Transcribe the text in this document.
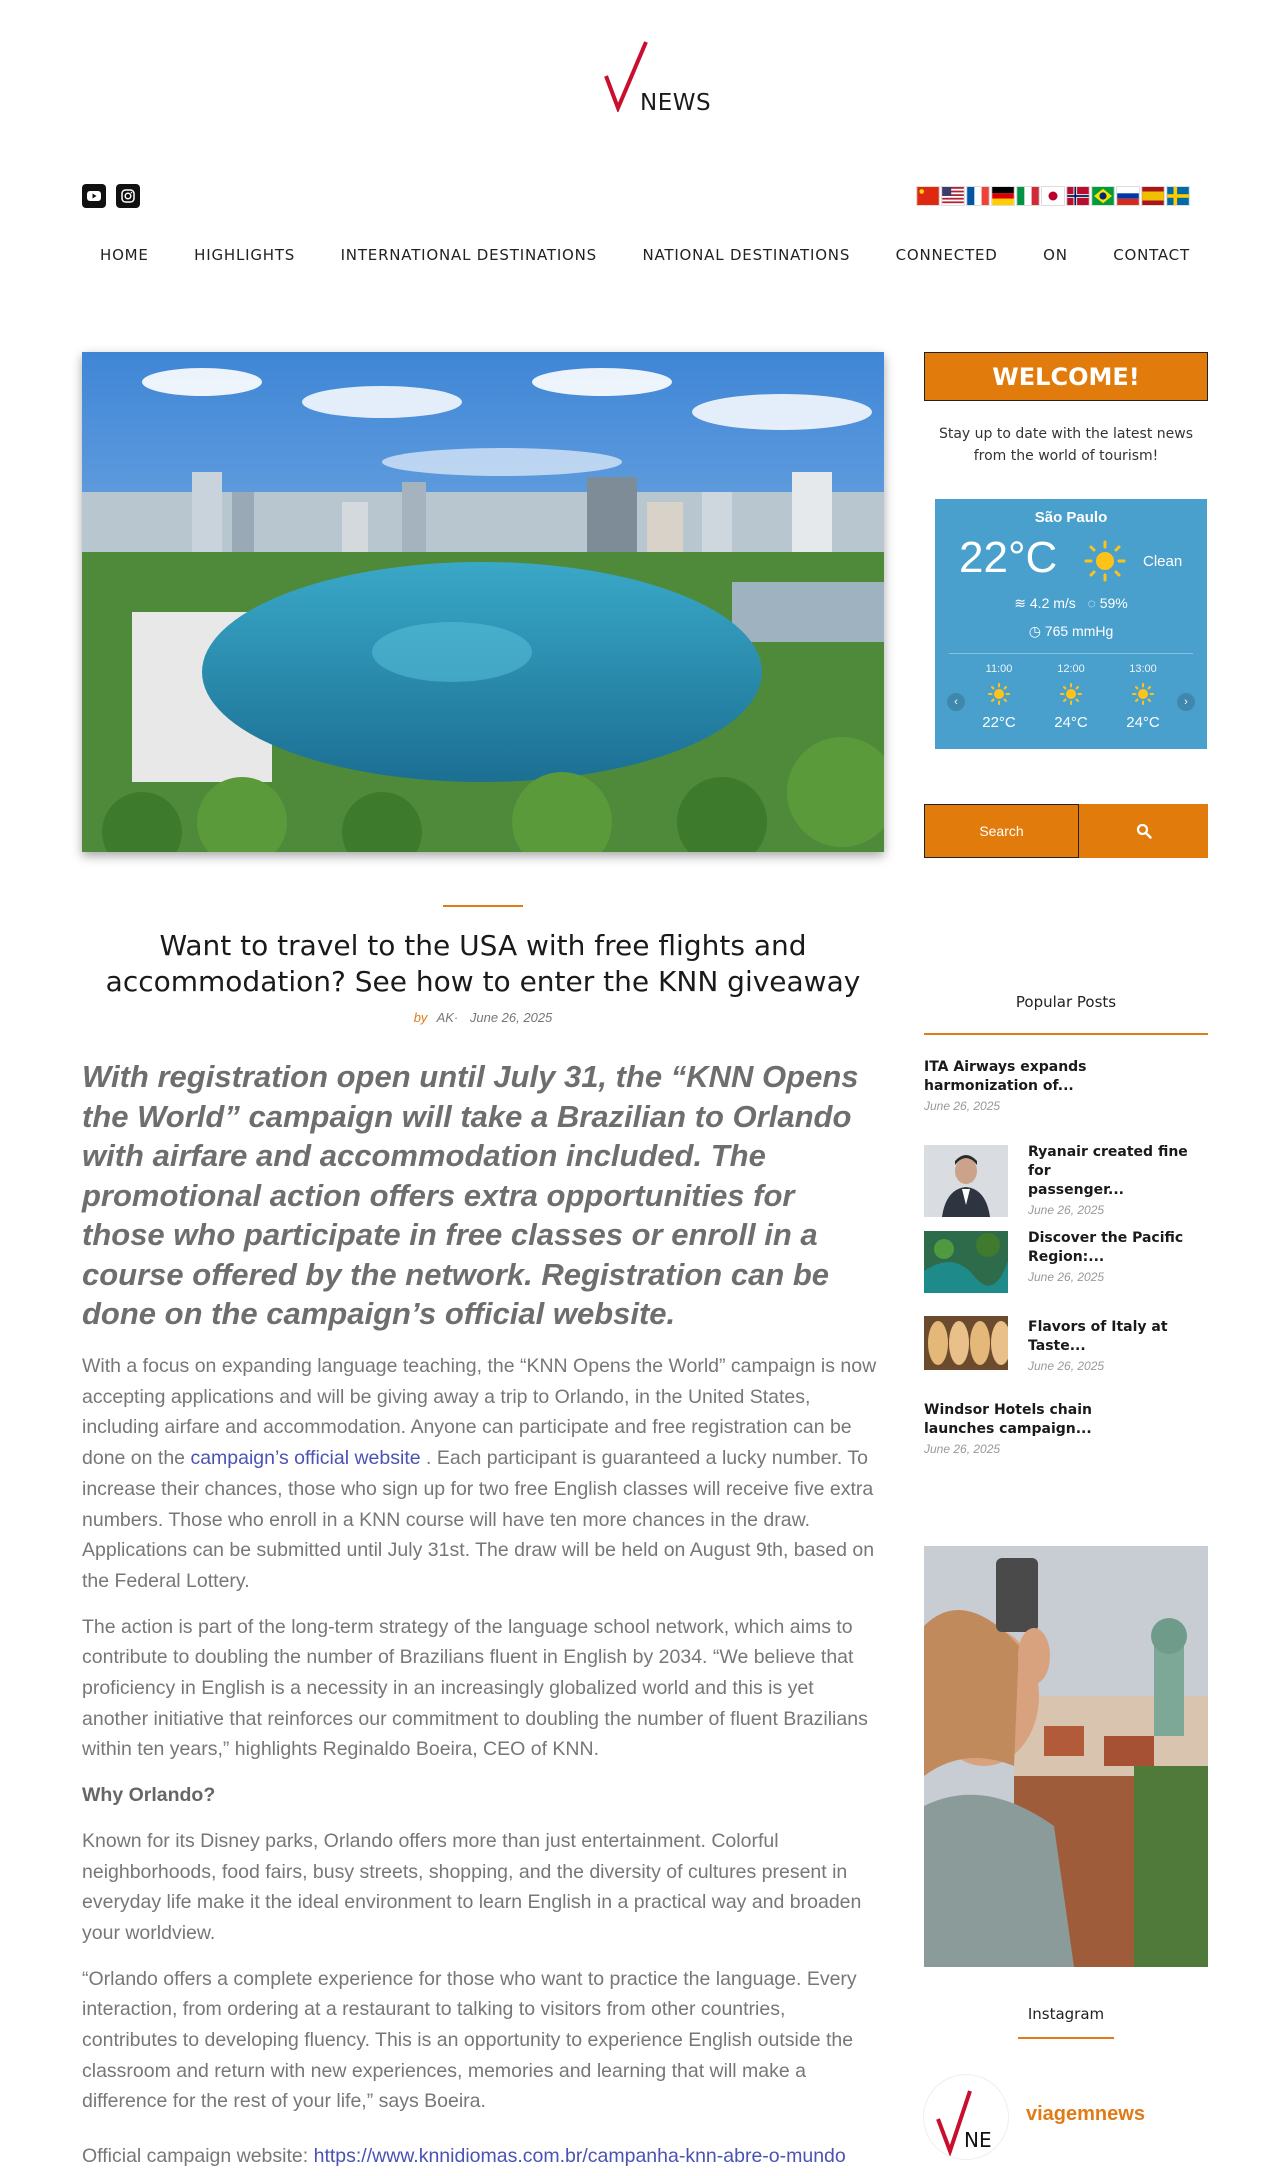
NEWS
HOME	HIGHLIGHTS	INTERNATIONAL DESTINATIONS	NATIONAL DESTINATIONS	CONNECTED	ON	CONTACT
Want to travel to the USA with free flights and accommodation? See how to enter the KNN giveaway
by AK· June 26, 2025

With registration open until July 31, the “KNN Opens the World” campaign will take a Brazilian to Orlando with airfare and accommodation included. The promotional action offers extra opportunities for those who participate in free classes or enroll in a course offered by the network. Registration can be done on the campaign’s official website.

With a focus on expanding language teaching, the “KNN Opens the World” campaign is now accepting applications and will be giving away a trip to Orlando, in the United States, including airfare and accommodation. Anyone can participate and free registration can be done on the campaign’s official website . Each participant is guaranteed a lucky number. To increase their chances, those who sign up for two free English classes will receive five extra numbers. Those who enroll in a KNN course will have ten more chances in the draw. Applications can be submitted until July 31st. The draw will be held on August 9th, based on the Federal Lottery.

The action is part of the long-term strategy of the language school network, which aims to contribute to doubling the number of Brazilians fluent in English by 2034. “We believe that proficiency in English is a necessity in an increasingly globalized world and this is yet another initiative that reinforces our commitment to doubling the number of fluent Brazilians within ten years,” highlights Reginaldo Boeira, CEO of KNN.

Why Orlando?

Known for its Disney parks, Orlando offers more than just entertainment. Colorful neighborhoods, food fairs, busy streets, shopping, and the diversity of cultures present in everyday life make it the ideal environment to learn English in a practical way and broaden your worldview.

“Orlando offers a complete experience for those who want to practice the language. Every interaction, from ordering at a restaurant to talking to visitors from other countries, contributes to developing fluency. This is an opportunity to experience English outside the classroom and return with new experiences, memories and learning that will make a difference for the rest of your life,” says Boeira.

Official campaign website: https://www.knnidiomas.com.br/campanha-knn-abre-o-mundo

WELCOME!

Stay up to date with the latest news from the world of tourism!

São Paulo
22°C	Clean
≋ 4.2 m/s ◌ 59%
◷ 765 mmHg
‹	›
11:00
22°C
12:00
24°C
13:00
24°C
Search
Popular Posts
ITA Airways expands
harmonization of...
June 26, 2025
Ryanair created fine for
passenger...
June 26, 2025
Discover the Pacific
Region:...
June 26, 2025
Flavors of Italy at Taste...
June 26, 2025
Windsor Hotels chain
launches campaign...
June 26, 2025
Instagram
NE
viagemnews
